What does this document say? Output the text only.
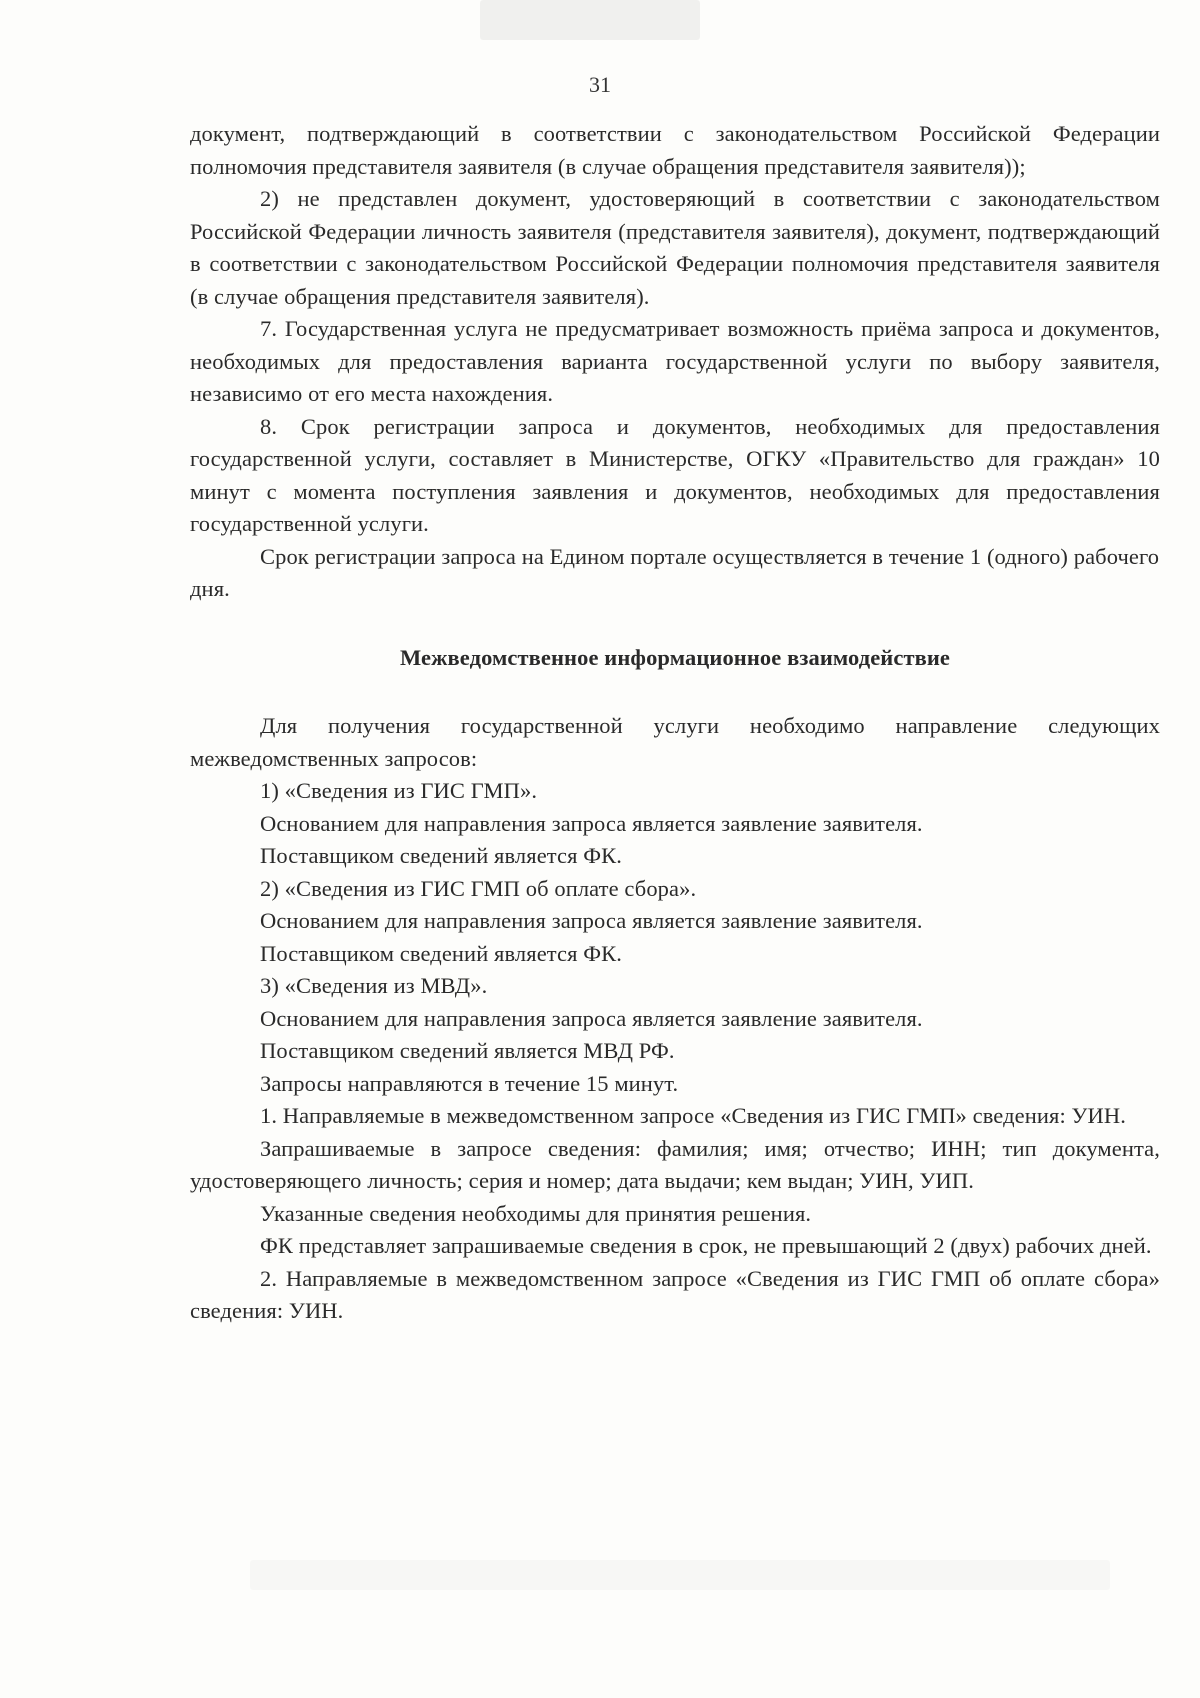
31

документ, подтверждающий в соответствии с законодательством Российской Федерации полномочия представителя заявителя (в случае обращения представителя заявителя));

2) не представлен документ, удостоверяющий в соответствии с законодательством Российской Федерации личность заявителя (представителя заявителя), документ, подтверждающий в соответствии с законодательством Российской Федерации полномочия представителя заявителя (в случае обращения представителя заявителя).

7. Государственная услуга не предусматривает возможность приёма запроса и документов, необходимых для предоставления варианта государственной услуги по выбору заявителя, независимо от его места нахождения.

8. Срок регистрации запроса и документов, необходимых для предоставления государственной услуги, составляет в Министерстве, ОГКУ «Правительство для граждан» 10 минут с момента поступления заявления и документов, необходимых для предоставления государственной услуги.

Срок регистрации запроса на Едином портале осуществляется в течение 1 (одного) рабочего дня.

Межведомственное информационное взаимодействие

Для получения государственной услуги необходимо направление следующих межведомственных запросов:

1) «Сведения из ГИС ГМП».

Основанием для направления запроса является заявление заявителя.

Поставщиком сведений является ФК.

2) «Сведения из ГИС ГМП об оплате сбора».

Основанием для направления запроса является заявление заявителя.

Поставщиком сведений является ФК.

3) «Сведения из МВД».

Основанием для направления запроса является заявление заявителя.

Поставщиком сведений является МВД РФ.

Запросы направляются в течение 15 минут.

1. Направляемые в межведомственном запросе «Сведения из ГИС ГМП» сведения: УИН.

Запрашиваемые в запросе сведения: фамилия; имя; отчество; ИНН; тип документа, удостоверяющего личность; серия и номер; дата выдачи; кем выдан; УИН, УИП.

Указанные сведения необходимы для принятия решения.

ФК представляет запрашиваемые сведения в срок, не превышающий 2 (двух) рабочих дней.

2. Направляемые в межведомственном запросе «Сведения из ГИС ГМП об оплате сбора» сведения: УИН.
